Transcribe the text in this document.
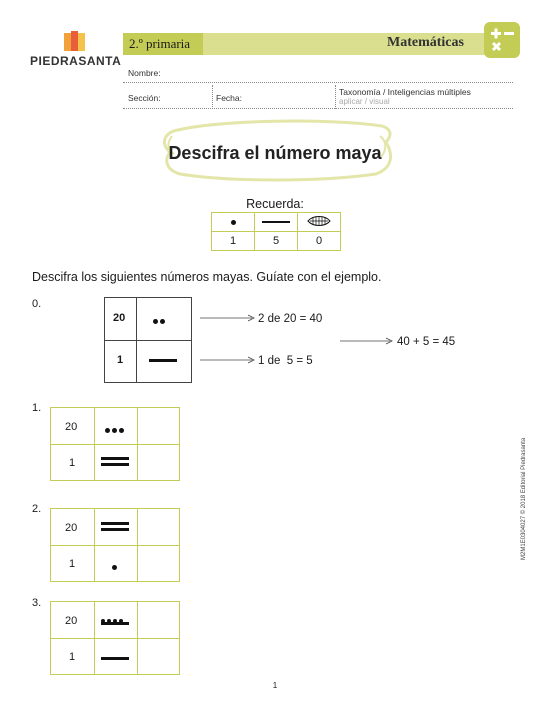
PIEDRASANTA
2.º primaria	Matemáticas
Nombre:
Sección:	Fecha:
Taxonomía / Inteligencias múltiples
aplicar / visual
Descifra el número maya
Recuerda:

1	5	0
Descifra los siguientes números mayas. Guíate con el ejemplo.
0.
20
1
2 de 20 = 40
1 de  5 = 5
40 + 5 = 45
1.
20
1
2.
20
1
3.
20
1
1
M2M1E0304027 © 2018 Editorial Piedrasanta
